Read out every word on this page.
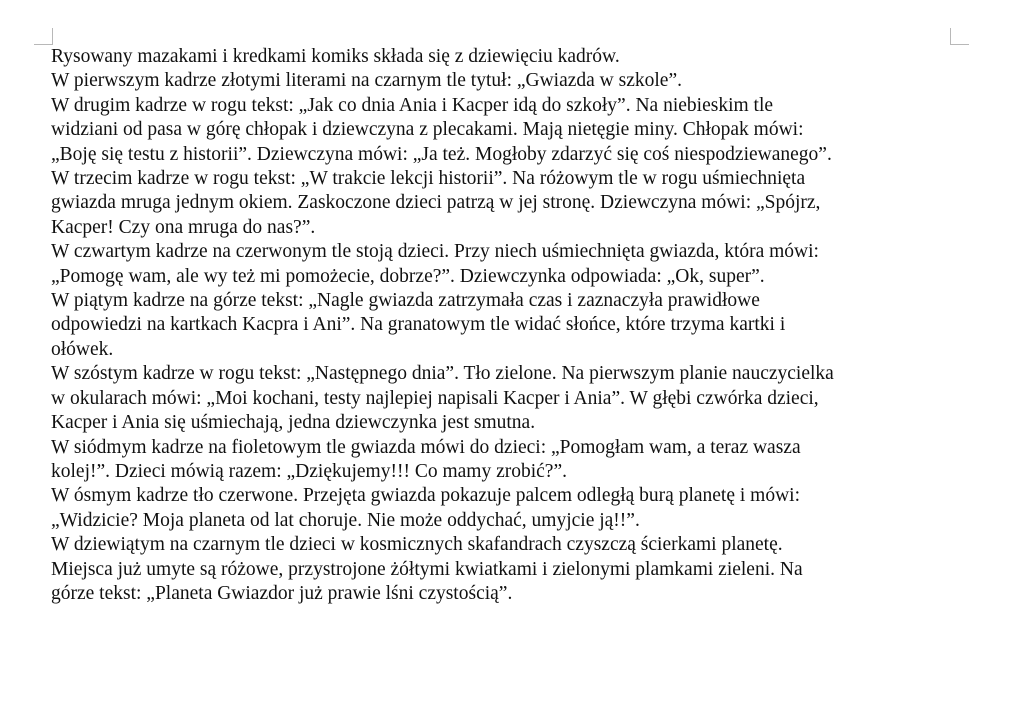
Rysowany mazakami i kredkami komiks składa się z dziewięciu kadrów.
W pierwszym kadrze złotymi literami na czarnym tle tytuł: „Gwiazda w szkole”.
W drugim kadrze w rogu tekst: „Jak co dnia Ania i Kacper idą do szkoły”. Na niebieskim tle
widziani od pasa w górę chłopak i dziewczyna z plecakami. Mają nietęgie miny. Chłopak mówi:
„Boję się testu z historii”. Dziewczyna mówi: „Ja też. Mogłoby zdarzyć się coś niespodziewanego”.
W trzecim kadrze w rogu tekst: „W trakcie lekcji historii”. Na różowym tle w rogu uśmiechnięta
gwiazda mruga jednym okiem. Zaskoczone dzieci patrzą w jej stronę. Dziewczyna mówi: „Spójrz,
Kacper! Czy ona mruga do nas?”.
W czwartym kadrze na czerwonym tle stoją dzieci. Przy niech uśmiechnięta gwiazda, która mówi:
„Pomogę wam, ale wy też mi pomożecie, dobrze?”. Dziewczynka odpowiada: „Ok, super”.
W piątym kadrze na górze tekst: „Nagle gwiazda zatrzymała czas i zaznaczyła prawidłowe
odpowiedzi na kartkach Kacpra i Ani”. Na granatowym tle widać słońce, które trzyma kartki i
ołówek.
W szóstym kadrze w rogu tekst: „Następnego dnia”. Tło zielone. Na pierwszym planie nauczycielka
w okularach mówi: „Moi kochani, testy najlepiej napisali Kacper i Ania”. W głębi czwórka dzieci,
Kacper i Ania się uśmiechają, jedna dziewczynka jest smutna.
W siódmym kadrze na fioletowym tle gwiazda mówi do dzieci: „Pomogłam wam, a teraz wasza
kolej!”. Dzieci mówią razem: „Dziękujemy!!! Co mamy zrobić?”.
W ósmym kadrze tło czerwone. Przejęta gwiazda pokazuje palcem odległą burą planetę i mówi:
„Widzicie? Moja planeta od lat choruje. Nie może oddychać, umyjcie ją!!”.
W dziewiątym na czarnym tle dzieci w kosmicznych skafandrach czyszczą ścierkami planetę.
Miejsca już umyte są różowe, przystrojone żółtymi kwiatkami i zielonymi plamkami zieleni. Na
górze tekst: „Planeta Gwiazdor już prawie lśni czystością”.
